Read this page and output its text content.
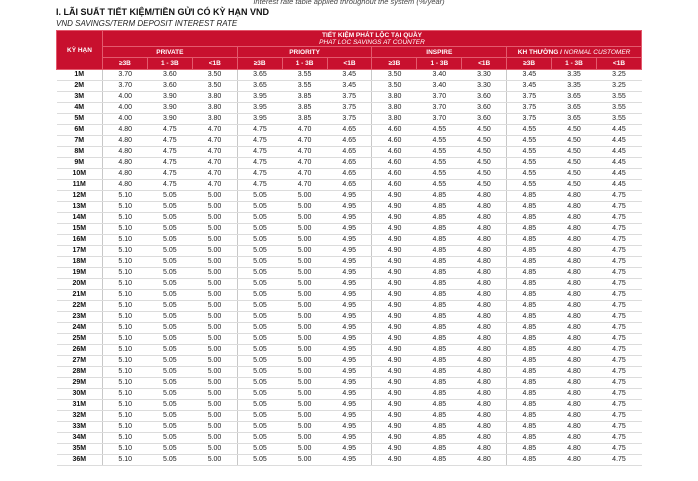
Interest rate table applied throughout the system (%/year)
I. LÃI SUẤT TIẾT KIỆM/TIỀN GỬI CÓ KỲ HẠN VND
VND SAVINGS/TERM DEPOSIT INTEREST RATE
KỲ HẠN	TIẾT KIỆM PHÁT LỘC TẠI QUẦY
PHAT LOC SAVINGS AT COUNTER											

	PRIVATE			PRIORITY			INSPIRE			KH THƯỜNG / NORMAL CUSTOMER		
	≥3B	1 - 3B	<1B	≥3B	1 - 3B	<1B	≥3B	1 - 3B	<1B	≥3B	1 - 3B	<1B
1M	3.70	3.60	3.50	3.65	3.55	3.45	3.50	3.40	3.30	3.45	3.35	3.25
2M	3.70	3.60	3.50	3.65	3.55	3.45	3.50	3.40	3.30	3.45	3.35	3.25
3M	4.00	3.90	3.80	3.95	3.85	3.75	3.80	3.70	3.60	3.75	3.65	3.55
4M	4.00	3.90	3.80	3.95	3.85	3.75	3.80	3.70	3.60	3.75	3.65	3.55
5M	4.00	3.90	3.80	3.95	3.85	3.75	3.80	3.70	3.60	3.75	3.65	3.55
6M	4.80	4.75	4.70	4.75	4.70	4.65	4.60	4.55	4.50	4.55	4.50	4.45
7M	4.80	4.75	4.70	4.75	4.70	4.65	4.60	4.55	4.50	4.55	4.50	4.45
8M	4.80	4.75	4.70	4.75	4.70	4.65	4.60	4.55	4.50	4.55	4.50	4.45
9M	4.80	4.75	4.70	4.75	4.70	4.65	4.60	4.55	4.50	4.55	4.50	4.45
10M	4.80	4.75	4.70	4.75	4.70	4.65	4.60	4.55	4.50	4.55	4.50	4.45
11M	4.80	4.75	4.70	4.75	4.70	4.65	4.60	4.55	4.50	4.55	4.50	4.45
12M	5.10	5.05	5.00	5.05	5.00	4.95	4.90	4.85	4.80	4.85	4.80	4.75
13M	5.10	5.05	5.00	5.05	5.00	4.95	4.90	4.85	4.80	4.85	4.80	4.75
14M	5.10	5.05	5.00	5.05	5.00	4.95	4.90	4.85	4.80	4.85	4.80	4.75
15M	5.10	5.05	5.00	5.05	5.00	4.95	4.90	4.85	4.80	4.85	4.80	4.75
16M	5.10	5.05	5.00	5.05	5.00	4.95	4.90	4.85	4.80	4.85	4.80	4.75
17M	5.10	5.05	5.00	5.05	5.00	4.95	4.90	4.85	4.80	4.85	4.80	4.75
18M	5.10	5.05	5.00	5.05	5.00	4.95	4.90	4.85	4.80	4.85	4.80	4.75
19M	5.10	5.05	5.00	5.05	5.00	4.95	4.90	4.85	4.80	4.85	4.80	4.75
20M	5.10	5.05	5.00	5.05	5.00	4.95	4.90	4.85	4.80	4.85	4.80	4.75
21M	5.10	5.05	5.00	5.05	5.00	4.95	4.90	4.85	4.80	4.85	4.80	4.75
22M	5.10	5.05	5.00	5.05	5.00	4.95	4.90	4.85	4.80	4.85	4.80	4.75
23M	5.10	5.05	5.00	5.05	5.00	4.95	4.90	4.85	4.80	4.85	4.80	4.75
24M	5.10	5.05	5.00	5.05	5.00	4.95	4.90	4.85	4.80	4.85	4.80	4.75
25M	5.10	5.05	5.00	5.05	5.00	4.95	4.90	4.85	4.80	4.85	4.80	4.75
26M	5.10	5.05	5.00	5.05	5.00	4.95	4.90	4.85	4.80	4.85	4.80	4.75
27M	5.10	5.05	5.00	5.05	5.00	4.95	4.90	4.85	4.80	4.85	4.80	4.75
28M	5.10	5.05	5.00	5.05	5.00	4.95	4.90	4.85	4.80	4.85	4.80	4.75
29M	5.10	5.05	5.00	5.05	5.00	4.95	4.90	4.85	4.80	4.85	4.80	4.75
30M	5.10	5.05	5.00	5.05	5.00	4.95	4.90	4.85	4.80	4.85	4.80	4.75
31M	5.10	5.05	5.00	5.05	5.00	4.95	4.90	4.85	4.80	4.85	4.80	4.75
32M	5.10	5.05	5.00	5.05	5.00	4.95	4.90	4.85	4.80	4.85	4.80	4.75
33M	5.10	5.05	5.00	5.05	5.00	4.95	4.90	4.85	4.80	4.85	4.80	4.75
34M	5.10	5.05	5.00	5.05	5.00	4.95	4.90	4.85	4.80	4.85	4.80	4.75
35M	5.10	5.05	5.00	5.05	5.00	4.95	4.90	4.85	4.80	4.85	4.80	4.75
36M	5.10	5.05	5.00	5.05	5.00	4.95	4.90	4.85	4.80	4.85	4.80	4.75
